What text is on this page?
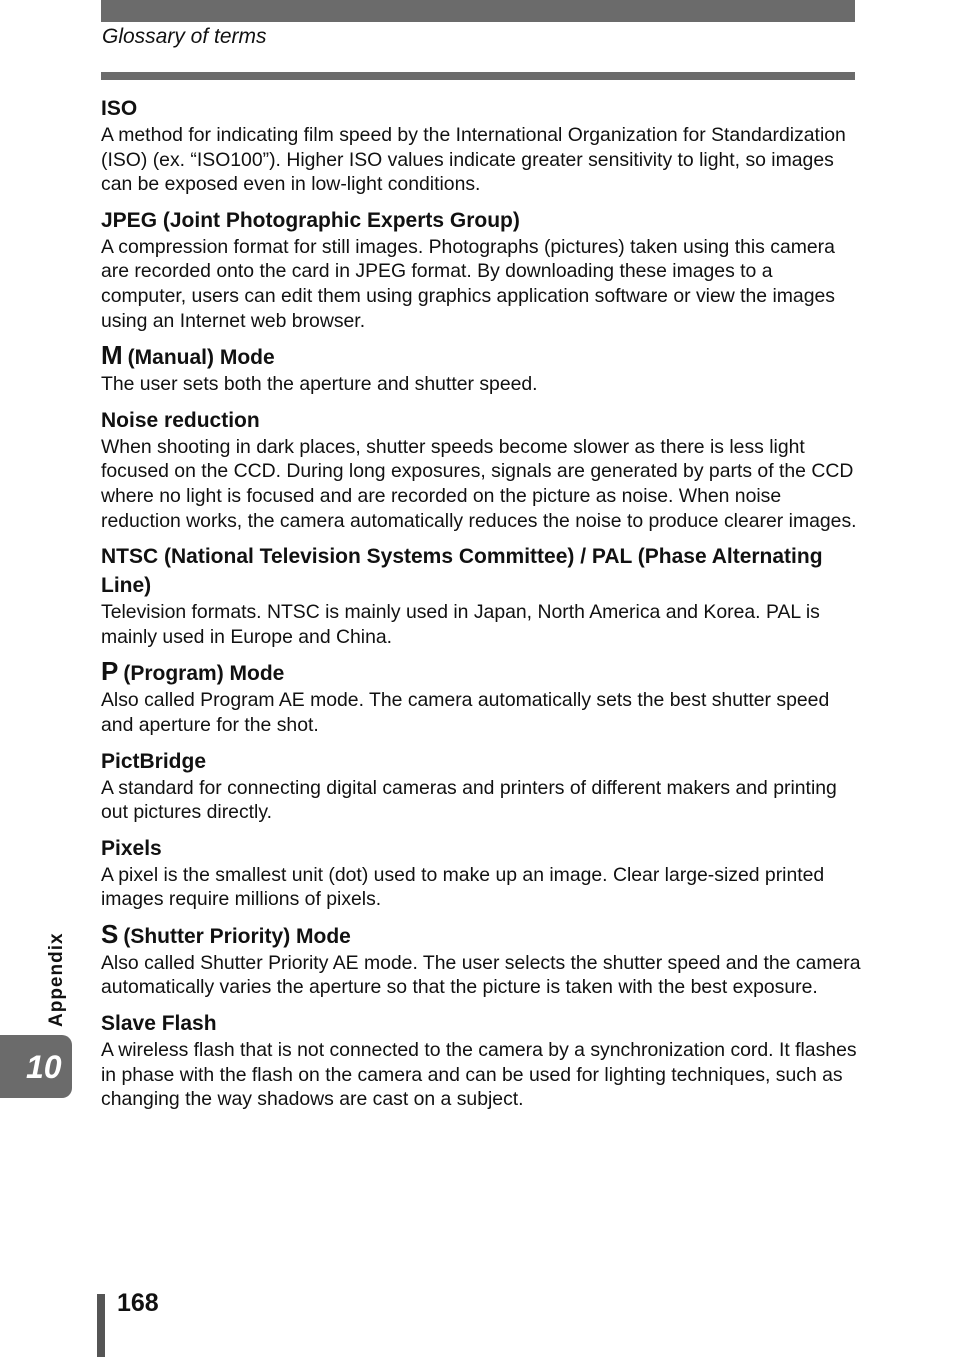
Glossary of terms

ISO

A method for indicating film speed by the International Organization for Standardization (ISO) (ex. “ISO100”). Higher ISO values indicate greater sensitivity to light, so images can be exposed even in low-light conditions.

JPEG (Joint Photographic Experts Group)

A compression format for still images. Photographs (pictures) taken using this camera are recorded onto the card in JPEG format. By downloading these images to a computer, users can edit them using graphics application software or view the images using an Internet web browser.

M (Manual) Mode

The user sets both the aperture and shutter speed.

Noise reduction

When shooting in dark places, shutter speeds become slower as there is less light focused on the CCD. During long exposures, signals are generated by parts of the CCD where no light is focused and are recorded on the picture as noise. When noise reduction works, the camera automatically reduces the noise to produce clearer images.

NTSC (National Television Systems Committee) / PAL (Phase Alternating Line)

Television formats. NTSC is mainly used in Japan, North America and Korea. PAL is mainly used in Europe and China.

P (Program) Mode

Also called Program AE mode. The camera automatically sets the best shutter speed and aperture for the shot.

PictBridge

A standard for connecting digital cameras and printers of different makers and printing out pictures directly.

Pixels

A pixel is the smallest unit (dot) used to make up an image. Clear large-sized printed images require millions of pixels.

S (Shutter Priority) Mode

Also called Shutter Priority AE mode. The user selects the shutter speed and the camera automatically varies the aperture so that the picture is taken with the best exposure.

Slave Flash

A wireless flash that is not connected to the camera by a synchronization cord. It flashes in phase with the flash on the camera and can be used for lighting techniques, such as changing the way shadows are cast on a subject.

Appendix
10
168
